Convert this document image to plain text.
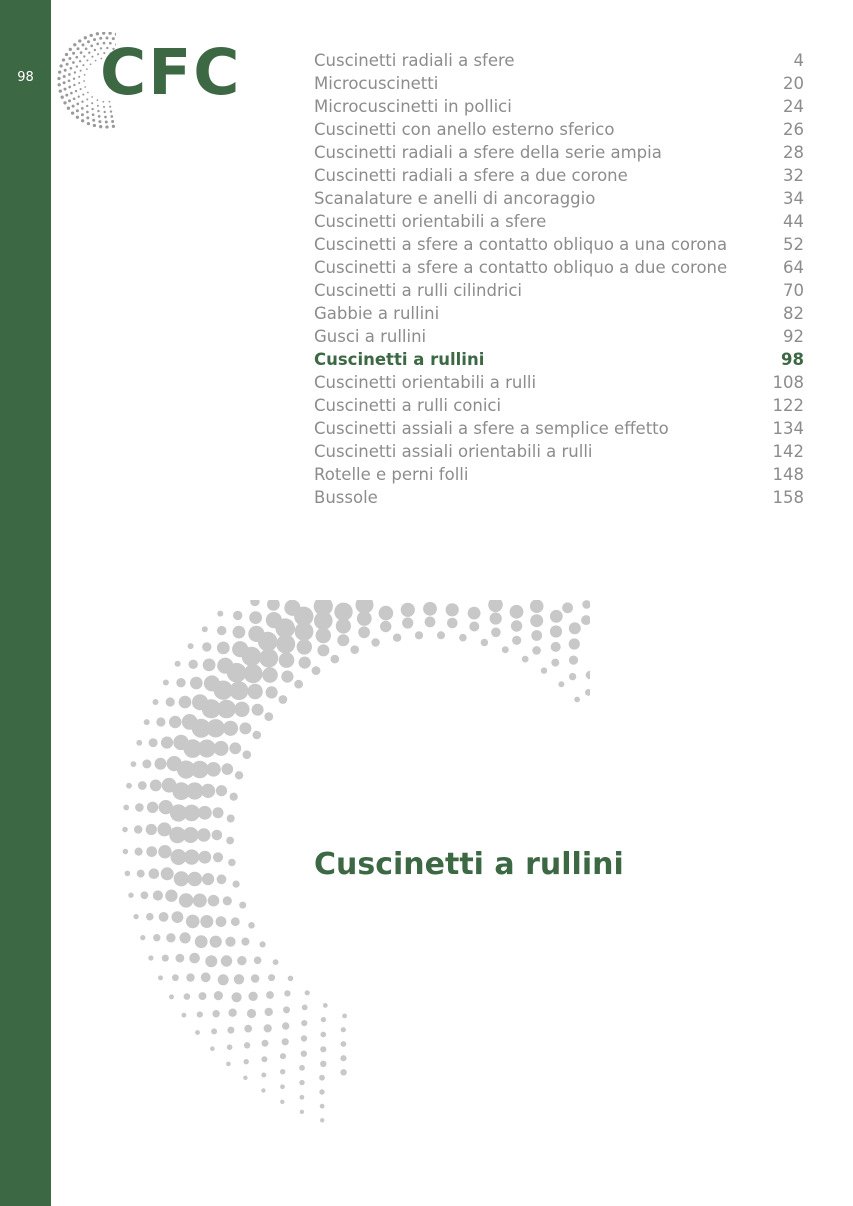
98 CFC	Cuscinetti radiali a sfere	4
Microcuscinetti	20
Microcuscinetti in pollici	24
Cuscinetti con anello esterno sferico	26
Cuscinetti radiali a sfere della serie ampia	28
Cuscinetti radiali a sfere a due corone	32
Scanalature e anelli di ancoraggio	34
Cuscinetti orientabili a sfere	44
Cuscinetti a sfere a contatto obliquo a una corona	52
Cuscinetti a sfere a contatto obliquo a due corone	64
Cuscinetti a rulli cilindrici	70
Gabbie a rullini	82
Gusci a rullini	92
Cuscinetti a rullini	98
Cuscinetti orientabili a rulli	108
Cuscinetti a rulli conici	122
Cuscinetti assiali a sfere a semplice effetto	134
Cuscinetti assiali orientabili a rulli	142
Rotelle e perni folli	148
Bussole	158
Cuscinetti a rullini
